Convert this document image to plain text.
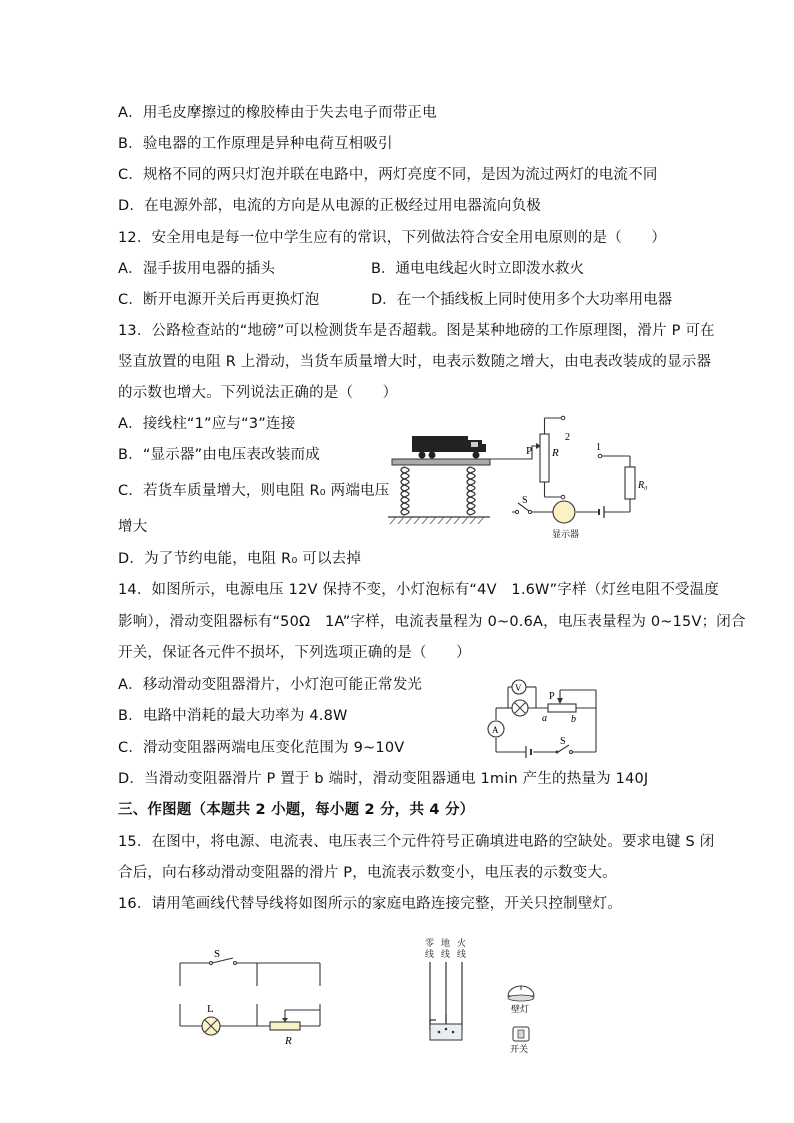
A．用毛皮摩擦过的橡胶棒由于失去电子而带正电
B．验电器的工作原理是异种电荷互相吸引
C．规格不同的两只灯泡并联在电路中，两灯亮度不同，是因为流过两灯的电流不同
D．在电源外部，电流的方向是从电源的正极经过用电器流向负极
12．安全用电是每一位中学生应有的常识，下列做法符合安全用电原则的是（　　）
A．湿手拔用电器的插头	B．通电电线起火时立即泼水救火
C．断开电源开关后再更换灯泡	D．在一个插线板上同时使用多个大功率用电器
13．公路检查站的“地磅”可以检测货车是否超载。图是某种地磅的工作原理图，滑片 P 可在
竖直放置的电阻 R 上滑动，当货车质量增大时，电表示数随之增大，由电表改装成的显示器
的示数也增大。下列说法正确的是（　　）
A．接线柱“1”应与“3”连接
B．“显示器”由电压表改装而成
C．若货车质量增大，则电阻 R₀ 两端电压
增大
D．为了节约电能，电阻 R₀ 可以去掉
P R
2
1
R₀
显示器
S
14．如图所示，电源电压 12V 保持不变，小灯泡标有“4V　1.6W”字样（灯丝电阻不受温度
影响），滑动变阻器标有“50Ω　1A”字样，电流表量程为 0~0.6A，电压表量程为 0~15V；闭合
开关，保证各元件不损坏，下列选项正确的是（　　）
A．移动滑动变阻器滑片，小灯泡可能正常发光
B．电路中消耗的最大功率为 4.8W
C．滑动变阻器两端电压变化范围为 9~10V
D．当滑动变阻器滑片 P 置于 b 端时，滑动变阻器通电 1min 产生的热量为 140J
V
P
a b
A
S
三、作图题（本题共 2 小题，每小题 2 分，共 4 分）
15．在图中，将电源、电流表、电压表三个元件符号正确填进电路的空缺处。要求电键 S 闭
合后，向右移动滑动变阻器的滑片 P，电流表示数变小，电压表的示数变大。
16．请用笔画线代替导线将如图所示的家庭电路连接完整，开关只控制壁灯。
S
L
R
零
线
地
线
火
线
壁灯
开关
